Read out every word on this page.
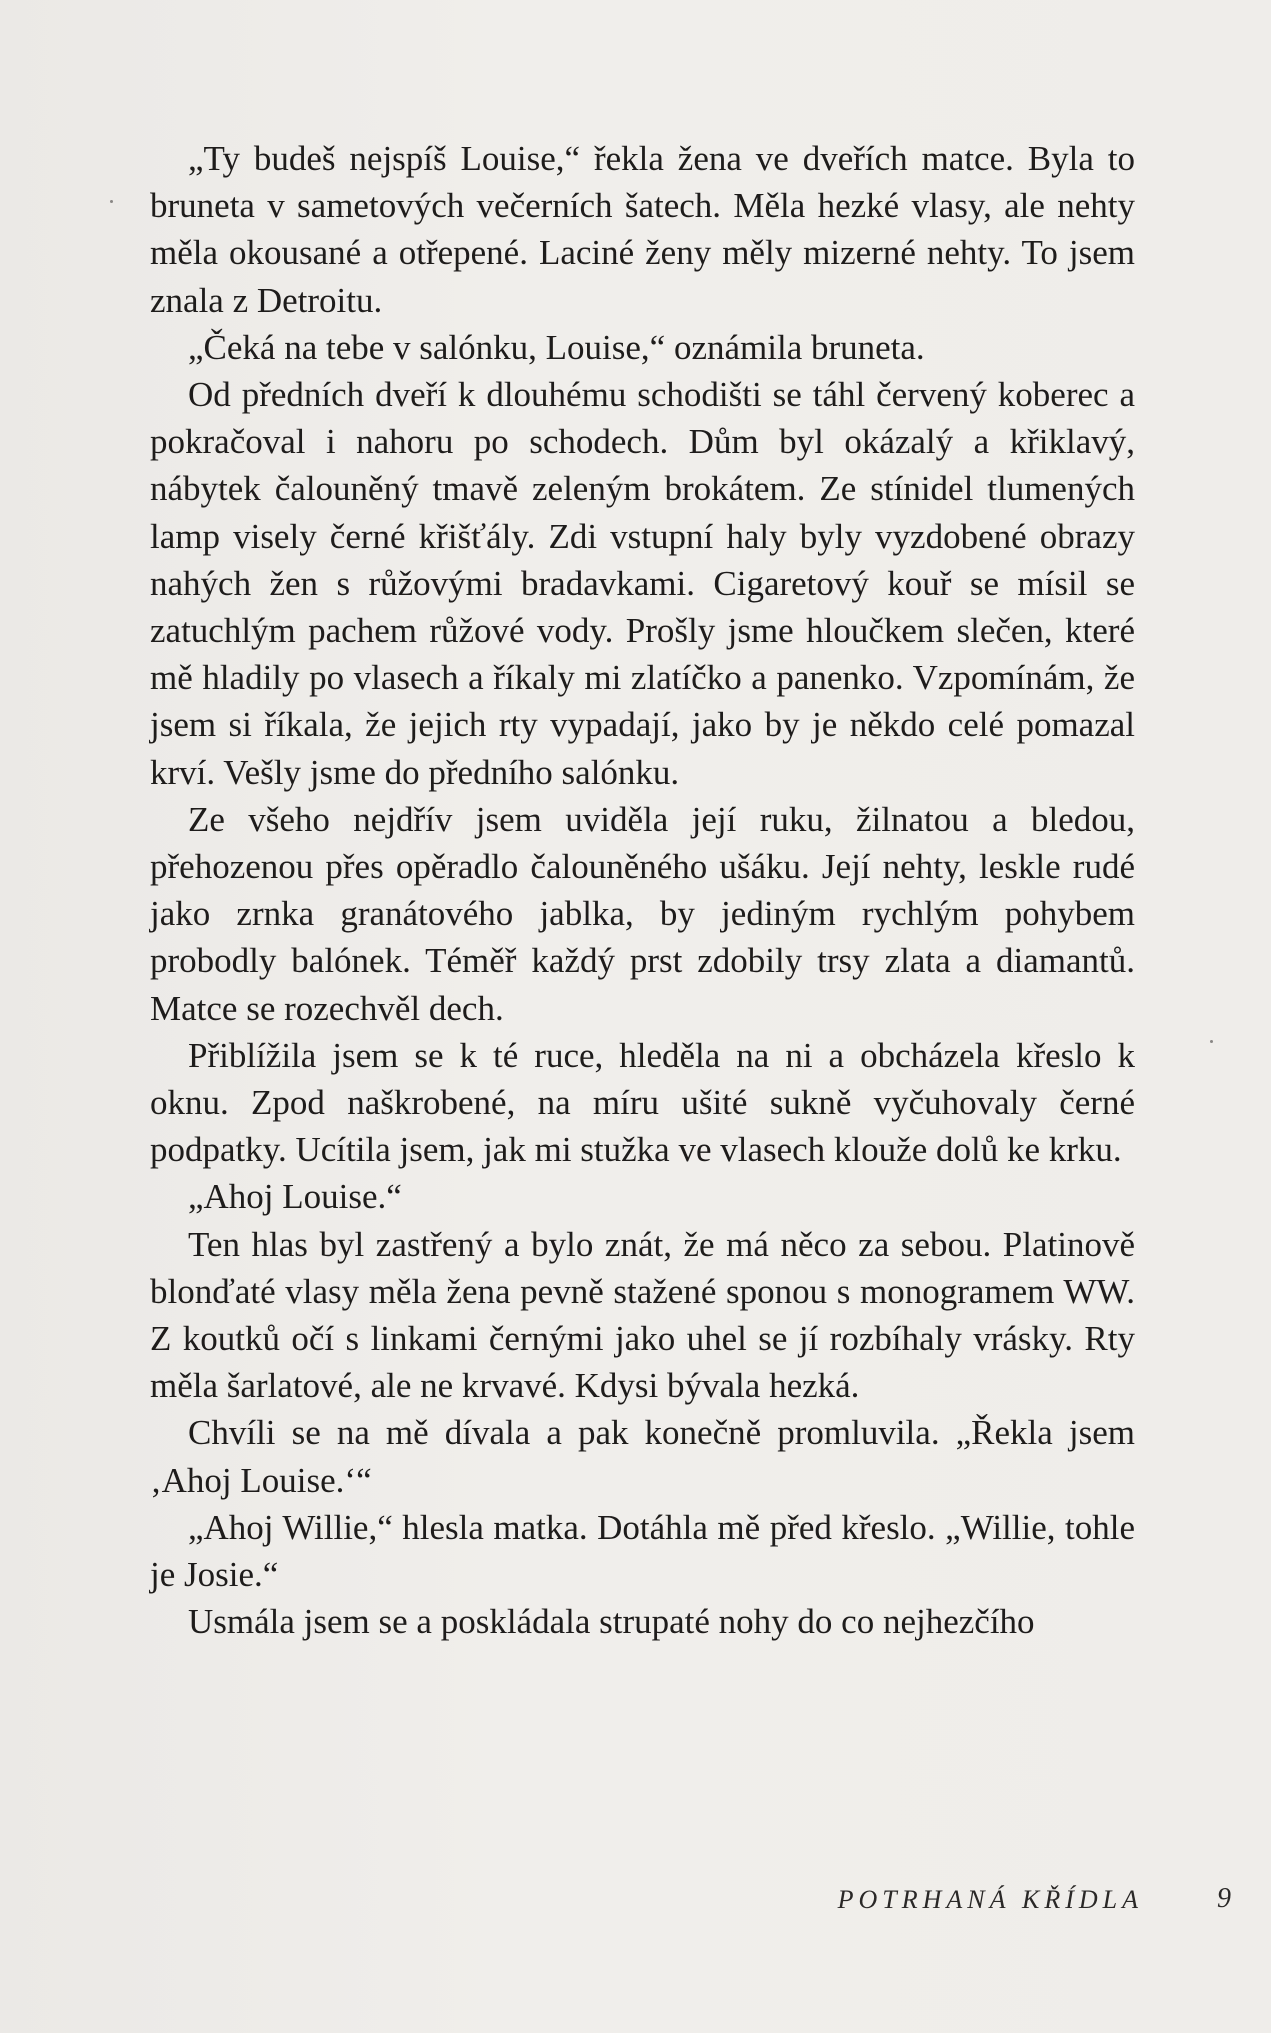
„Ty budeš nejspíš Louise,“ řekla žena ve dveřích matce. Byla to bruneta v sametových večerních šatech. Měla hezké vlasy, ale nehty měla okousané a otřepené. Laciné ženy měly mizerné nehty. To jsem znala z Detroitu.

„Čeká na tebe v salónku, Louise,“ oznámila bruneta.

Od předních dveří k dlouhému schodišti se táhl červený koberec a pokračoval i nahoru po schodech. Dům byl okázalý a křiklavý, nábytek čalouněný tmavě zeleným brokátem. Ze stínidel tlumených lamp visely černé křišťály. Zdi vstupní haly byly vyzdobené obrazy nahých žen s růžovými bradavkami. Cigaretový kouř se mísil se zatuchlým pachem růžové vody. Prošly jsme hloučkem slečen, které mě hladily po vlasech a říkaly mi zlatíčko a panenko. Vzpomínám, že jsem si říkala, že jejich rty vypadají, jako by je někdo celé pomazal krví. Vešly jsme do předního salónku.

Ze všeho nejdřív jsem uviděla její ruku, žilnatou a bledou, přehozenou přes opěradlo čalouněného ušáku. Její nehty, leskle rudé jako zrnka granátového jablka, by jediným rychlým pohybem probodly balónek. Téměř každý prst zdobily trsy zlata a diamantů. Matce se rozechvěl dech.

Přiblížila jsem se k té ruce, hleděla na ni a obcházela křeslo k oknu. Zpod naškrobené, na míru ušité sukně vyčuhovaly černé podpatky. Ucítila jsem, jak mi stužka ve vlasech klouže dolů ke krku.

„Ahoj Louise.“

Ten hlas byl zastřený a bylo znát, že má něco za sebou. Platinově blonďaté vlasy měla žena pevně stažené sponou s monogramem WW. Z koutků očí s linkami černými jako uhel se jí rozbíhaly vrásky. Rty měla šarlatové, ale ne krvavé. Kdysi bývala hezká.

Chvíli se na mě dívala a pak konečně promluvila. „Řekla jsem ‚Ahoj Louise.‘“

„Ahoj Willie,“ hlesla matka. Dotáhla mě před křeslo. „Willie, tohle je Josie.“

Usmála jsem se a poskládala strupaté nohy do co nejhezčího

POTRHANÁ KŘÍDLA	9
